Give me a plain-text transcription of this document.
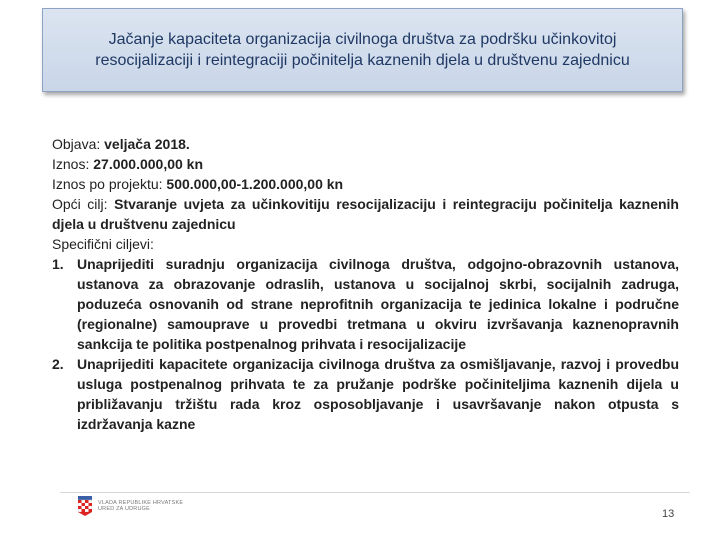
Jačanje kapaciteta organizacija civilnoga društva za podršku učinkovitoj resocijalizaciji i reintegraciji počinitelja kaznenih djela u društvenu zajednicu

Objava: veljača 2018.

Iznos: 27.000.000,00 kn

Iznos po projektu: 500.000,00-1.200.000,00 kn

Opći cilj: Stvaranje uvjeta za učinkovitiju resocijalizaciju i reintegraciju počinitelja kaznenih djela u društvenu zajednicu

Specifični ciljevi:

1. Unaprijediti suradnju organizacija civilnoga društva, odgojno-obrazovnih ustanova, ustanova za obrazovanje odraslih, ustanova u socijalnoj skrbi, socijalnih zadruga, poduzeća osnovanih od strane neprofitnih organizacija te jedinica lokalne i područne (regionalne) samouprave u provedbi tretmana u okviru izvršavanja kaznenopravnih sankcija te politika postpenalnog prihvata i resocijalizacije
2. Unaprijediti kapacitete organizacija civilnoga društva za osmišljavanje, razvoj i provedbu usluga postpenalnog prihvata te za pružanje podrške počiniteljima kaznenih dijela u približavanju tržištu rada kroz osposobljavanje i usavršavanje nakon otpusta s izdržavanja kazne
VLADA REPUBLIKE HRVATSKE
URED ZA UDRUGE	13
